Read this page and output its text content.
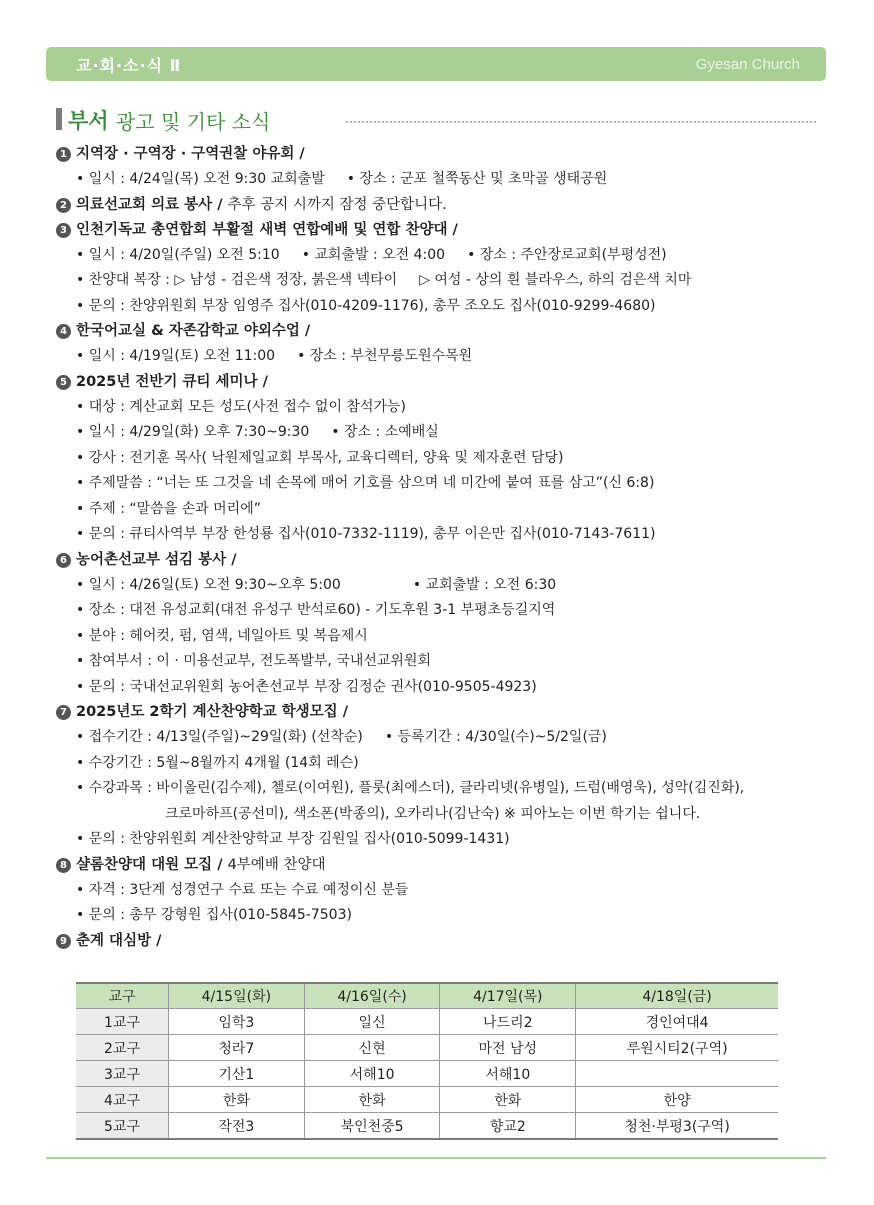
교·회·소·식 Ⅱ	Gyesan Church
부서 광고 및 기타 소식
1 지역장 · 구역장 · 구역권찰 야유회 /
• 일시 : 4/24일(목) 오전 9:30 교회출발 • 장소 : 군포 철쭉동산 및 초막골 생태공원
2 의료선교회 의료 봉사 / 추후 공지 시까지 잠정 중단합니다.
3 인천기독교 총연합회 부활절 새벽 연합예배 및 연합 찬양대 /
• 일시 : 4/20일(주일) 오전 5:10 • 교회출발 : 오전 4:00 • 장소 : 주안장로교회(부평성전)
• 찬양대 복장 : ▷ 남성 - 검은색 정장, 붉은색 넥타이 ▷ 여성 - 상의 흰 블라우스, 하의 검은색 치마
• 문의 : 찬양위원회 부장 임영주 집사(010-4209-1176), 총무 조오도 집사(010-9299-4680)
4 한국어교실 & 자존감학교 야외수업 /
• 일시 : 4/19일(토) 오전 11:00 • 장소 : 부천무릉도원수목원
5 2025년 전반기 큐티 세미나 /
• 대상 : 계산교회 모든 성도(사전 접수 없이 참석가능)
• 일시 : 4/29일(화) 오후 7:30~9:30 • 장소 : 소예배실
• 강사 : 전기훈 목사( 낙원제일교회 부목사, 교육디렉터, 양육 및 제자훈련 담당)
• 주제말씀 : “너는 또 그것을 네 손목에 매어 기호를 삼으며 네 미간에 붙여 표를 삼고”(신 6:8)
• 주제 : “말씀을 손과 머리에”
• 문의 : 큐티사역부 부장 한성룡 집사(010-7332-1119), 총무 이은만 집사(010-7143-7611)
6 농어촌선교부 섬김 봉사 /
• 일시 : 4/26일(토) 오전 9:30~오후 5:00	• 교회출발 : 오전 6:30
• 장소 : 대전 유성교회(대전 유성구 반석로60) - 기도후원 3-1 부평초등길지역
• 분야 : 헤어컷, 펌, 염색, 네일아트 및 복음제시
• 참여부서 : 이 · 미용선교부, 전도폭발부, 국내선교위원회
• 문의 : 국내선교위원회 농어촌선교부 부장 김정순 권사(010-9505-4923)
7 2025년도 2학기 계산찬양학교 학생모집 /
• 접수기간 : 4/13일(주일)~29일(화) (선착순) • 등록기간 : 4/30일(수)~5/2일(금)
• 수강기간 : 5월~8월까지 4개월 (14회 레슨)
• 수강과목 : 바이올린(김수제), 첼로(이여원), 플룻(최에스더), 클라리넷(유병일), 드럼(배영욱), 성악(김진화),
크로마하프(공선미), 색소폰(박종의), 오카리나(김난숙) ※ 피아노는 이번 학기는 쉽니다.
• 문의 : 찬양위원회 계산찬양학교 부장 김원일 집사(010-5099-1431)
8 샬롬찬양대 대원 모집 / 4부예배 찬양대
• 자격 : 3단계 성경연구 수료 또는 수료 예정이신 분들
• 문의 : 총무 강형원 집사(010-5845-7503)
9 춘계 대심방 /
교구	4/15일(화)	4/16일(수)	4/17일(목)	4/18일(금)
1교구	임학3	일신	나드리2	경인여대4
2교구	청라7	신현	마전 남성	루원시티2(구역)
3교구	기산1	서해10	서해10	
4교구	한화	한화	한화	한양
5교구	작전3	북인천중5	향교2	청천·부평3(구역)
